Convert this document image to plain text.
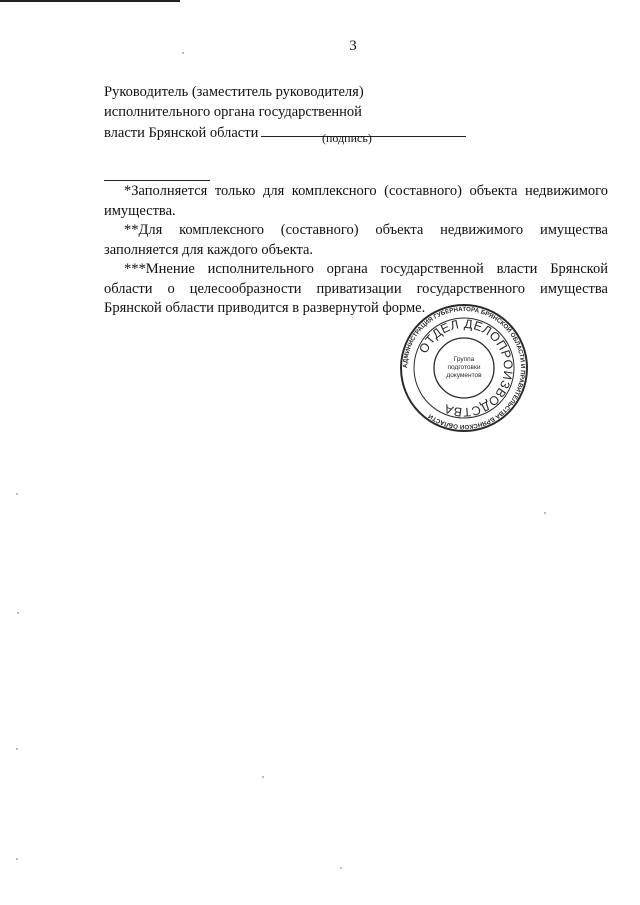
3
Руководитель (заместитель руководителя)
исполнительного органа государственной
власти Брянской области	(подпись)

*Заполняется только для комплексного (составного) объекта недвижимого имущества.

**Для комплексного (составного) объекта недвижимого имущества заполняется для каждого объекта.

***Мнение исполнительного органа государственной власти Брянской области о целесообразности приватизации государственного имущества Брянской области приводится в развернутой форме.

АДМИНИСТРАЦИЯ ГУБЕРНАТОРА БРЯНСКОЙ ОБЛАСТИ И ПРАВИТЕЛЬСТВА БРЯНСКОЙ ОБЛАСТИ
ОТДЕЛ ДЕЛОПРОИЗВОДСТВА
Группа
подготовки
документов
